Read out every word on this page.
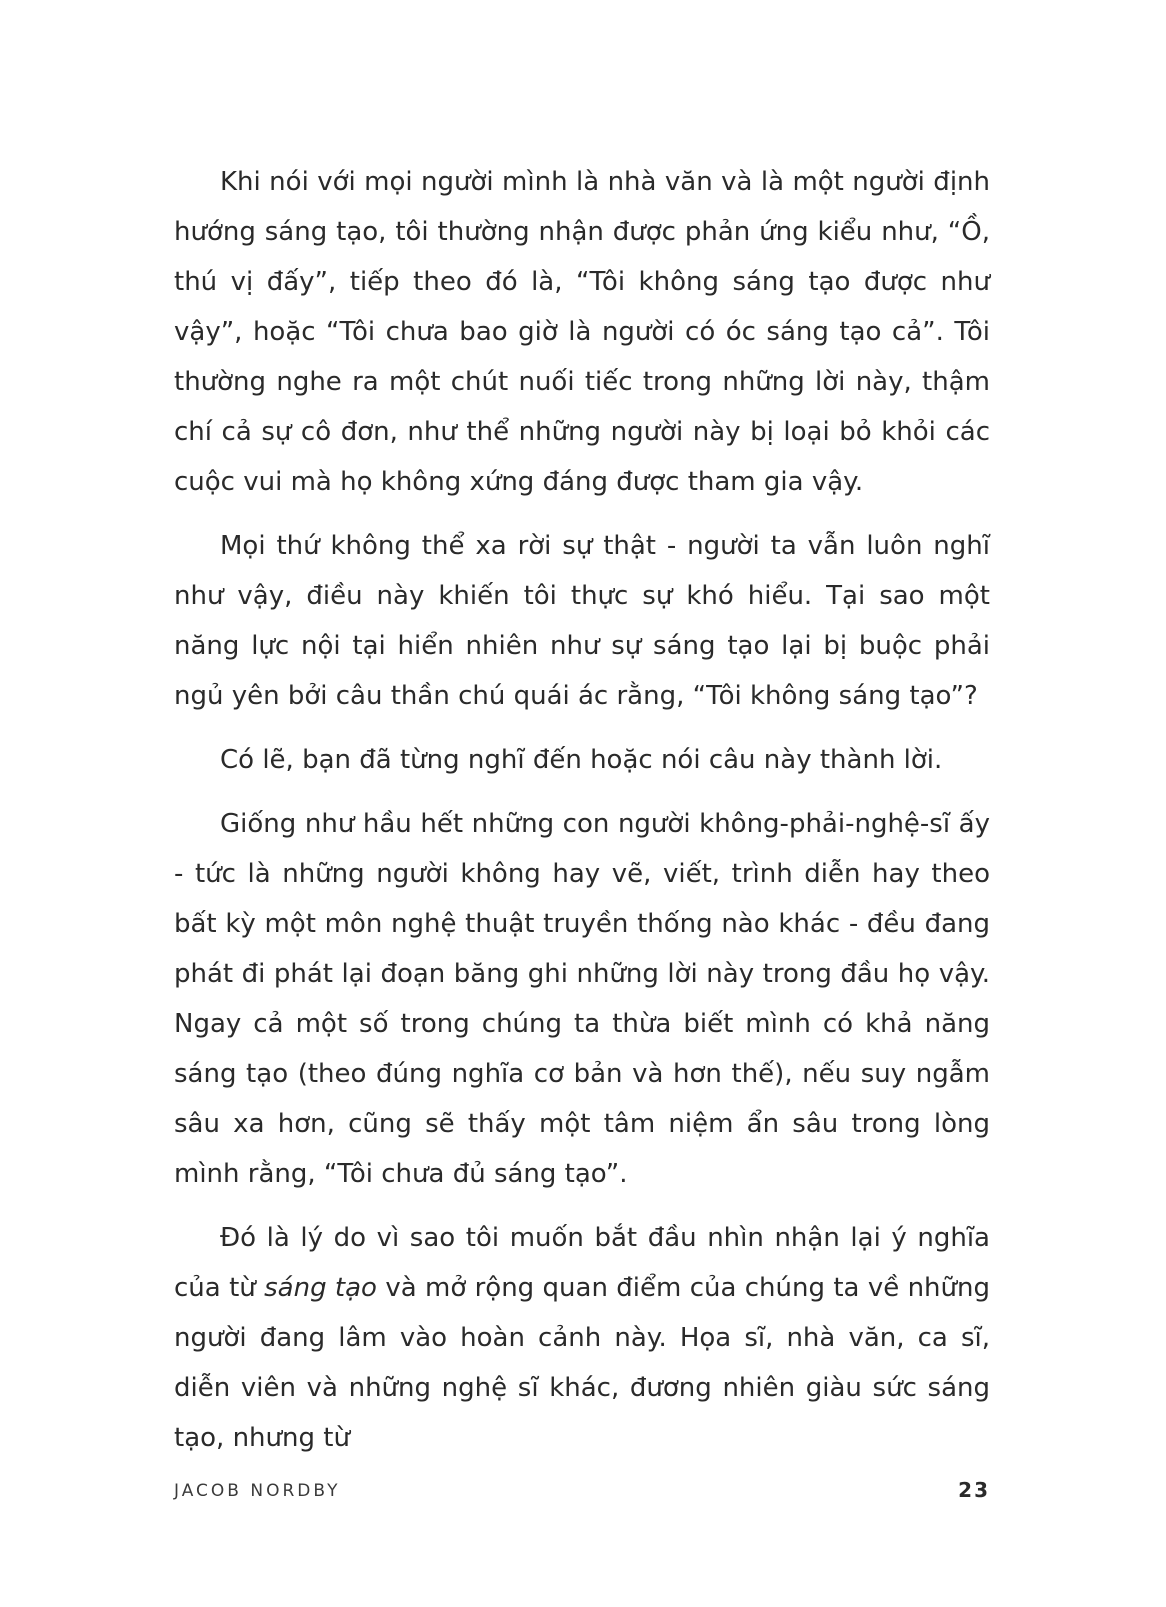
Khi nói với mọi người mình là nhà văn và là một người định hướng sáng tạo, tôi thường nhận được phản ứng kiểu như, “Ồ, thú vị đấy”, tiếp theo đó là, “Tôi không sáng tạo được như vậy”, hoặc “Tôi chưa bao giờ là người có óc sáng tạo cả”. Tôi thường nghe ra một chút nuối tiếc trong những lời này, thậm chí cả sự cô đơn, như thể những người này bị loại bỏ khỏi các cuộc vui mà họ không xứng đáng được tham gia vậy.

Mọi thứ không thể xa rời sự thật - người ta vẫn luôn nghĩ như vậy, điều này khiến tôi thực sự khó hiểu. Tại sao một năng lực nội tại hiển nhiên như sự sáng tạo lại bị buộc phải ngủ yên bởi câu thần chú quái ác rằng, “Tôi không sáng tạo”?

Có lẽ, bạn đã từng nghĩ đến hoặc nói câu này thành lời.

Giống như hầu hết những con người không-phải-nghệ-sĩ ấy - tức là những người không hay vẽ, viết, trình diễn hay theo bất kỳ một môn nghệ thuật truyền thống nào khác - đều đang phát đi phát lại đoạn băng ghi những lời này trong đầu họ vậy. Ngay cả một số trong chúng ta thừa biết mình có khả năng sáng tạo (theo đúng nghĩa cơ bản và hơn thế), nếu suy ngẫm sâu xa hơn, cũng sẽ thấy một tâm niệm ẩn sâu trong lòng mình rằng, “Tôi chưa đủ sáng tạo”.

Đó là lý do vì sao tôi muốn bắt đầu nhìn nhận lại ý nghĩa của từ sáng tạo và mở rộng quan điểm của chúng ta về những người đang lâm vào hoàn cảnh này. Họa sĩ, nhà văn, ca sĩ, diễn viên và những nghệ sĩ khác, đương nhiên giàu sức sáng tạo, nhưng từ

JACOB NORDBY	23
